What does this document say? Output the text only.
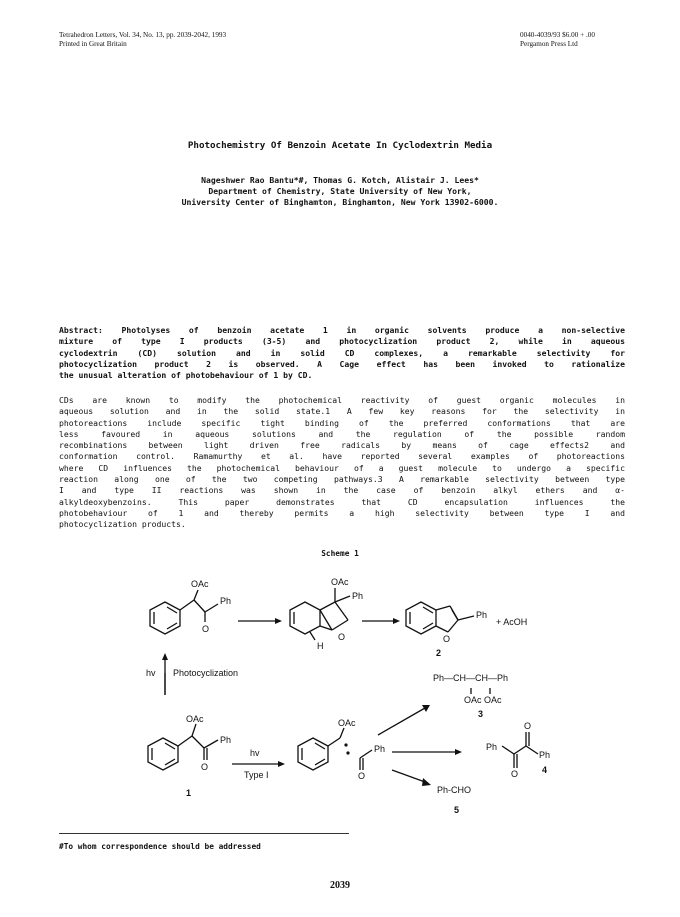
Tetrahedron Letters, Vol. 34, No. 13, pp. 2039-2042, 1993
Printed in Great Britain
0040-4039/93 $6.00 + .00
Pergamon Press Ltd
Photochemistry Of Benzoin Acetate In Cyclodextrin Media
Nageshwer Rao Bantu*#, Thomas G. Kotch, Alistair J. Lees*
Department of Chemistry, State University of New York,
University Center of Binghamton, Binghamton, New York 13902-6000.
Abstract: Photolyses of benzoin acetate 1 in organic solvents produce a non-selective
mixture of type I products (3-5) and photocyclization product 2, while in aqueous
cyclodextrin (CD) solution and in solid CD complexes, a remarkable selectivity for
photocyclization product 2 is observed. A Cage effect has been invoked to rationalize
the unusual alteration of photobehaviour of 1 by CD.
CDs are known to modify the photochemical reactivity of guest organic molecules in
aqueous solution and in the solid state.1 A few key reasons for the selectivity in
photoreactions include specific tight binding of the preferred conformations that are
less favoured in aqueous solutions and the regulation of the possible random
recombinations between light driven free radicals by means of cage effects2 and
conformation control. Ramamurthy et al. have reported several examples of photoreactions
where CD influences the photochemical behaviour of a guest molecule to undergo a specific
reaction along one of the two competing pathways.3 A remarkable selectivity between type
I and type II reactions was shown in the case of benzoin alkyl ethers and α-
alkyldeoxybenzoins. This paper demonstrates that CD encapsulation influences the
photobehaviour of 1 and thereby permits a high selectivity between type I and
photocyclization products.
Scheme 1
OAc
Ph
O
OAc
Ph
O
H
O
Ph
+ AcOH
2
hv Photocyclization
OAc
Ph
O
1
hv
Type I
OAc
Ph
O
Ph—CH—CH—Ph
OAc OAc
3
Ph
Ph
O
O
4
Ph-CHO
5
#To whom correspondence should be addressed
2039
